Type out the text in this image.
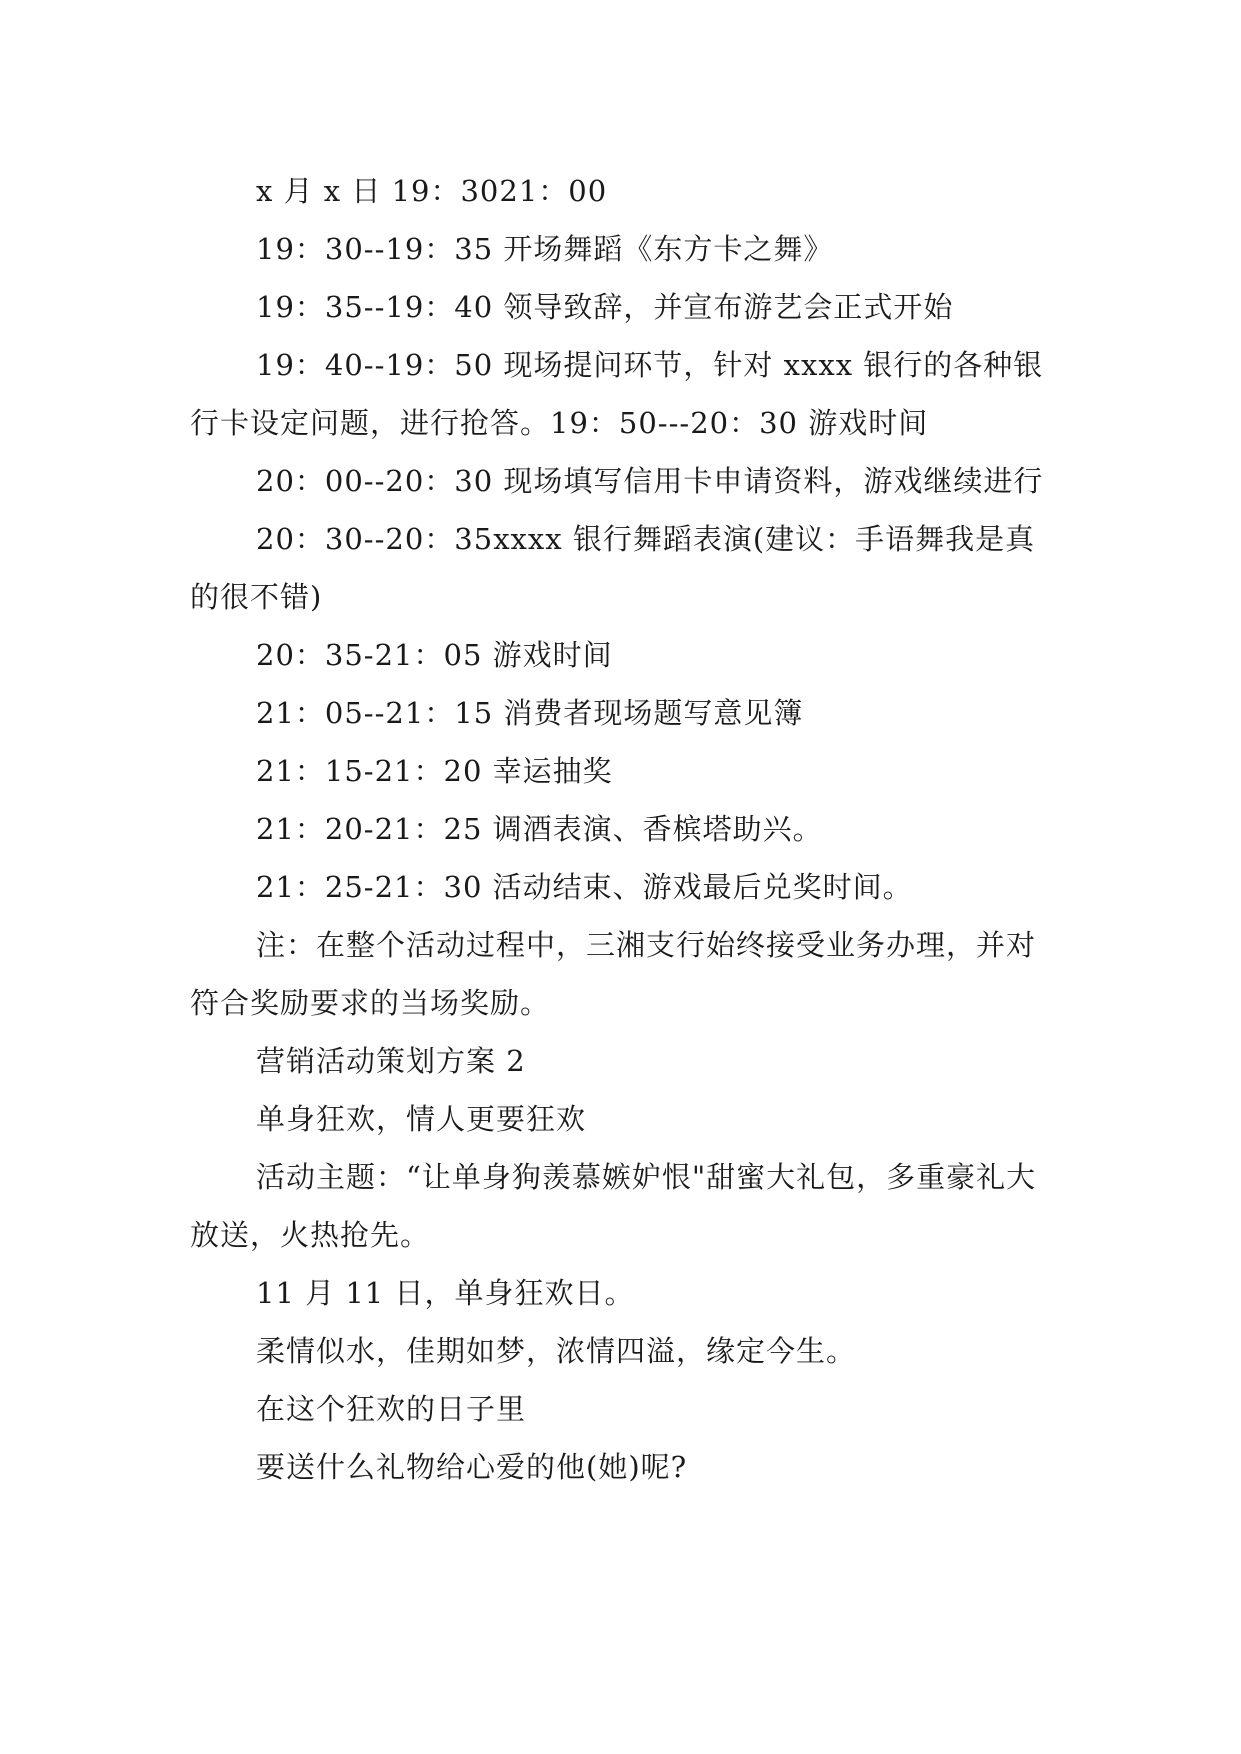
x 月 x 日 19：3021：00

19：30--19：35 开场舞蹈《东方卡之舞》

19：35--19：40 领导致辞，并宣布游艺会正式开始

19：40--19：50 现场提问环节，针对 xxxx 银行的各种银行卡设定问题，进行抢答。19：50---20：30 游戏时间

20：00--20：30 现场填写信用卡申请资料，游戏继续进行

20：30--20：35xxxx 银行舞蹈表演(建议：手语舞我是真的很不错)

20：35-21：05 游戏时间

21：05--21：15 消费者现场题写意见簿

21：15-21：20 幸运抽奖

21：20-21：25 调酒表演、香槟塔助兴。

21：25-21：30 活动结束、游戏最后兑奖时间。

注：在整个活动过程中，三湘支行始终接受业务办理，并对符合奖励要求的当场奖励。

营销活动策划方案 2

单身狂欢，情人更要狂欢

活动主题：“让单身狗羡慕嫉妒恨"甜蜜大礼包，多重豪礼大放送，火热抢先。

11 月 11 日，单身狂欢日。

柔情似水，佳期如梦，浓情四溢，缘定今生。

在这个狂欢的日子里

要送什么礼物给心爱的他(她)呢?
